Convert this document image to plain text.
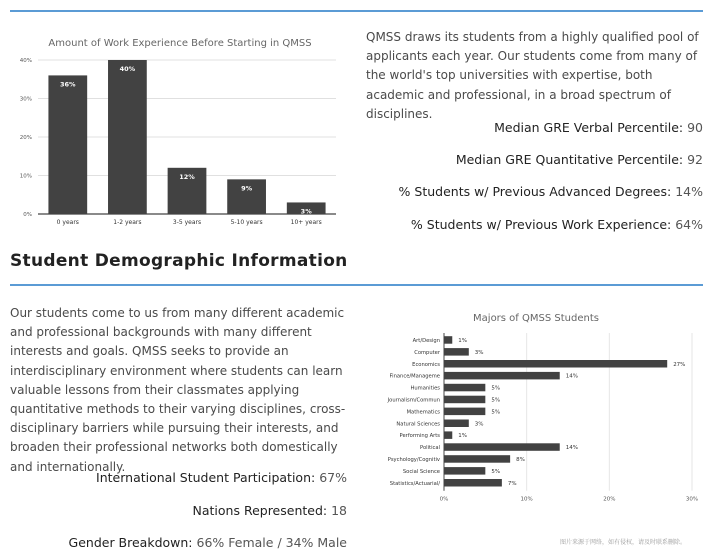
Amount of Work Experience Before Starting in QMSS
0%
10%
20%
30%
40%
36%
0 years
40%
1-2 years
12%
3-5 years
9%
5-10 years
3%
10+ years
QMSS draws its students from a highly qualified pool of applicants each year. Our students come from many of the world's top universities with expertise, both academic and professional, in a broad spectrum of disciplines.
Median GRE Verbal Percentile: 90
Median GRE Quantitative Percentile: 92
% Students w/ Previous Advanced Degrees: 14%
% Students w/ Previous Work Experience: 64%
Student Demographic Information
Our students come to us from many different academic and professional backgrounds with many different interests and goals. QMSS seeks to provide an interdisciplinary environment where students can learn valuable lessons from their classmates applying quantitative methods to their varying disciplines, cross-disciplinary barriers while pursuing their interests, and broaden their professional networks both domestically and internationally.
International Student Participation: 67%
Nations Represented: 18
Gender Breakdown: 66% Female / 34% Male
Majors of QMSS Students
0%	10%	20%	30%
1%
Art/Design
3%
Computer
27%
Economics
14%
Finance/Manageme
5%
Humanities
5%
Journalism/Commun
5%
Mathematics
3%
Natural Sciences
1%
Performing Arts
14%
Political
8%
Psychology/Cognitiv
5%
Social Science
7%
Statistics/Actuarial/
图片来源于网络，如有侵权，请及时联系删除。
